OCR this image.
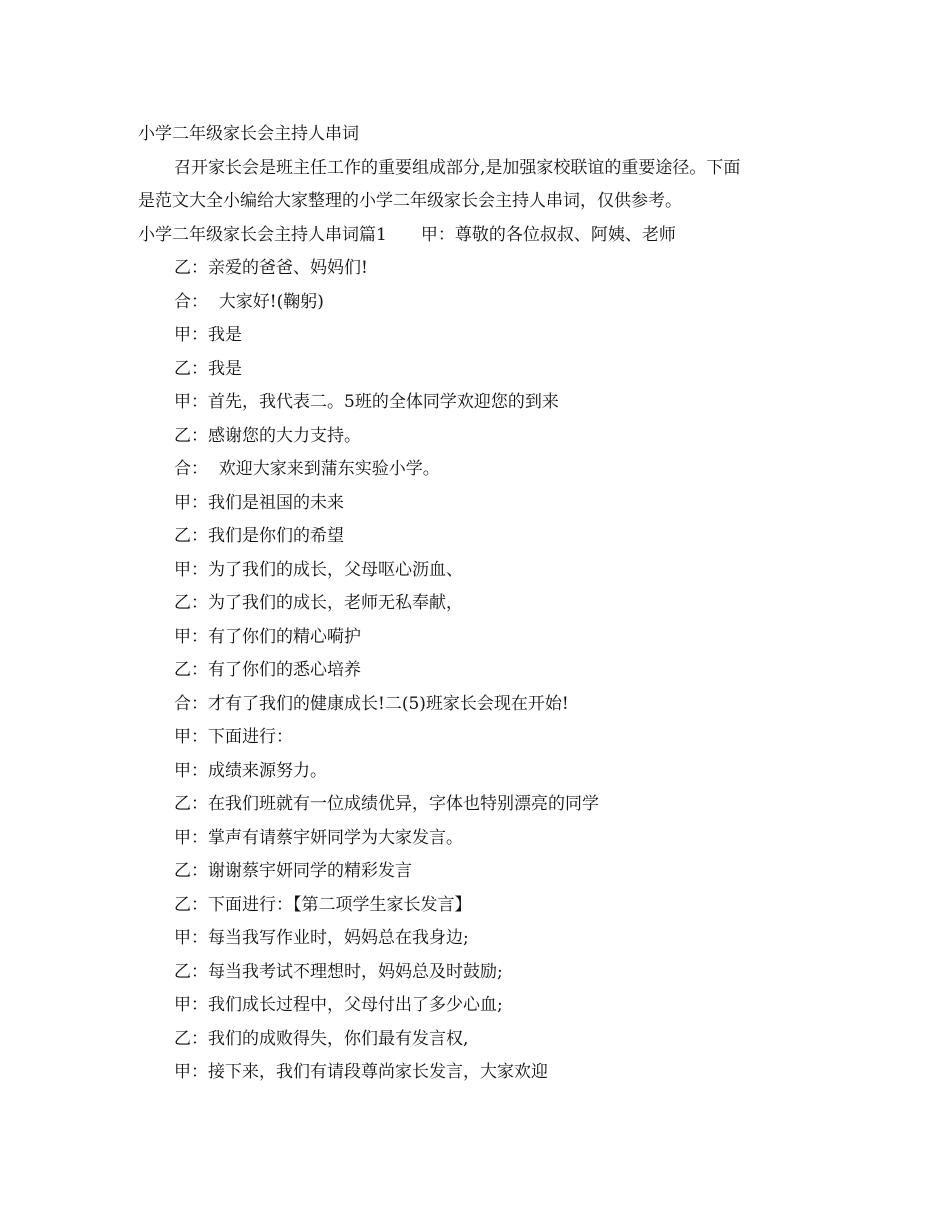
小学二年级家长会主持人串词

召开家长会是班主任工作的重要组成部分,是加强家校联谊的重要途径。下面

是范文大全小编给大家整理的小学二年级家长会主持人串词，仅供参考。

小学二年级家长会主持人串词篇1 甲：尊敬的各位叔叔、阿姨、老师

乙：亲爱的爸爸、妈妈们!

合：  大家好!(鞠躬)

甲：我是

乙：我是

甲：首先，我代表二。5班的全体同学欢迎您的到来

乙：感谢您的大力支持。

合：  欢迎大家来到蒲东实验小学。

甲：我们是祖国的未来

乙：我们是你们的希望

甲：为了我们的成长，父母呕心沥血、

乙：为了我们的成长，老师无私奉献，

甲：有了你们的精心嗬护

乙：有了你们的悉心培养

合：才有了我们的健康成长!二(5)班家长会现在开始!

甲：下面进行：

甲：成绩来源努力。

乙：在我们班就有一位成绩优异，字体也特别漂亮的同学

甲：掌声有请蔡宇妍同学为大家发言。

乙：谢谢蔡宇妍同学的精彩发言

乙：下面进行：【第二项学生家长发言】

甲：每当我写作业时，妈妈总在我身边;

乙：每当我考试不理想时，妈妈总及时鼓励;

甲：我们成长过程中，父母付出了多少心血;

乙：我们的成败得失，你们最有发言权,

甲：接下来，我们有请段尊尚家长发言，大家欢迎
